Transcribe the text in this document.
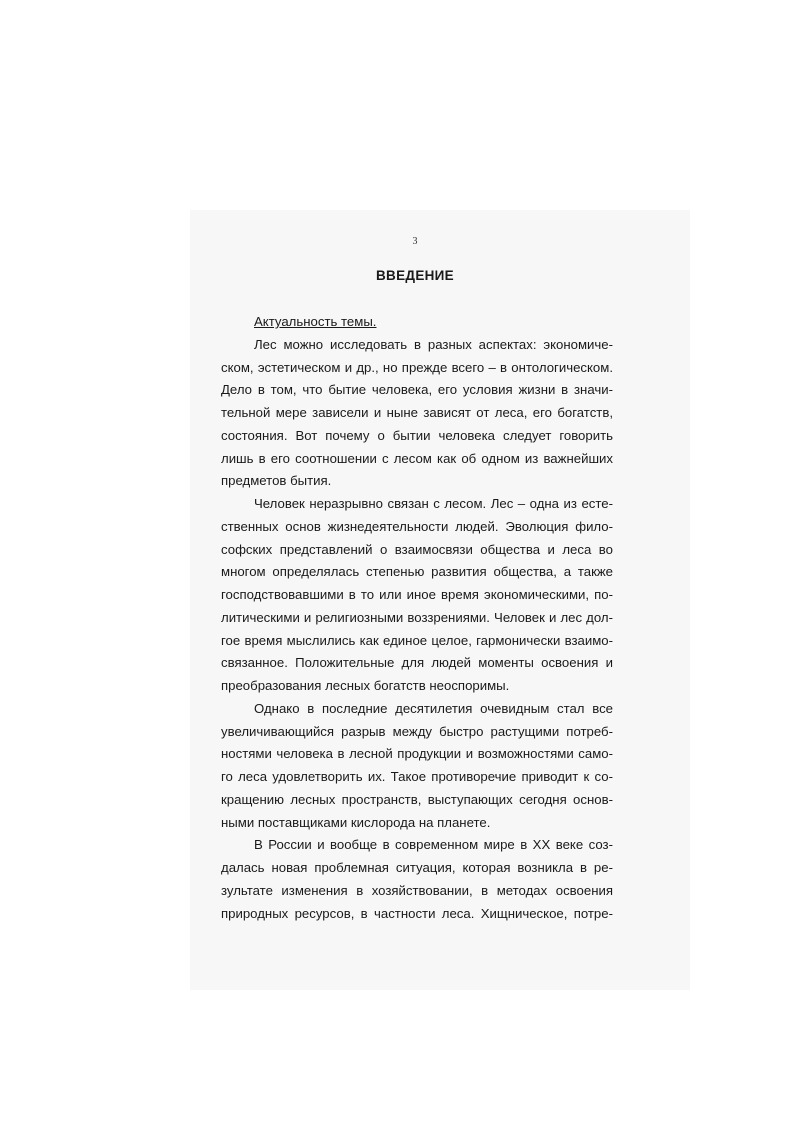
3
ВВЕДЕНИЕ
Актуальность темы.
Лес можно исследовать в разных аспектах: экономиче-
ском, эстетическом и др., но прежде всего – в онтологическом.
Дело в том, что бытие человека, его условия жизни в значи-
тельной мере зависели и ныне зависят от леса, его богатств,
состояния. Вот почему о бытии человека следует говорить
лишь в его соотношении с лесом как об одном из важнейших
предметов бытия.
Человек неразрывно связан с лесом. Лес – одна из есте-
ственных основ жизнедеятельности людей. Эволюция фило-
софских представлений о взаимосвязи общества и леса во
многом определялась степенью развития общества, а также
господствовавшими в то или иное время экономическими, по-
литическими и религиозными воззрениями. Человек и лес дол-
гое время мыслились как единое целое, гармонически взаимо-
связанное. Положительные для людей моменты освоения и
преобразования лесных богатств неоспоримы.
Однако в последние десятилетия очевидным стал все
увеличивающийся разрыв между быстро растущими потреб-
ностями человека в лесной продукции и возможностями само-
го леса удовлетворить их. Такое противоречие приводит к со-
кращению лесных пространств, выступающих сегодня основ-
ными поставщиками кислорода на планете.
В России и вообще в современном мире в XX веке соз-
далась новая проблемная ситуация, которая возникла в ре-
зультате изменения в хозяйствовании, в методах освоения
природных ресурсов, в частности леса. Хищническое, потре-
